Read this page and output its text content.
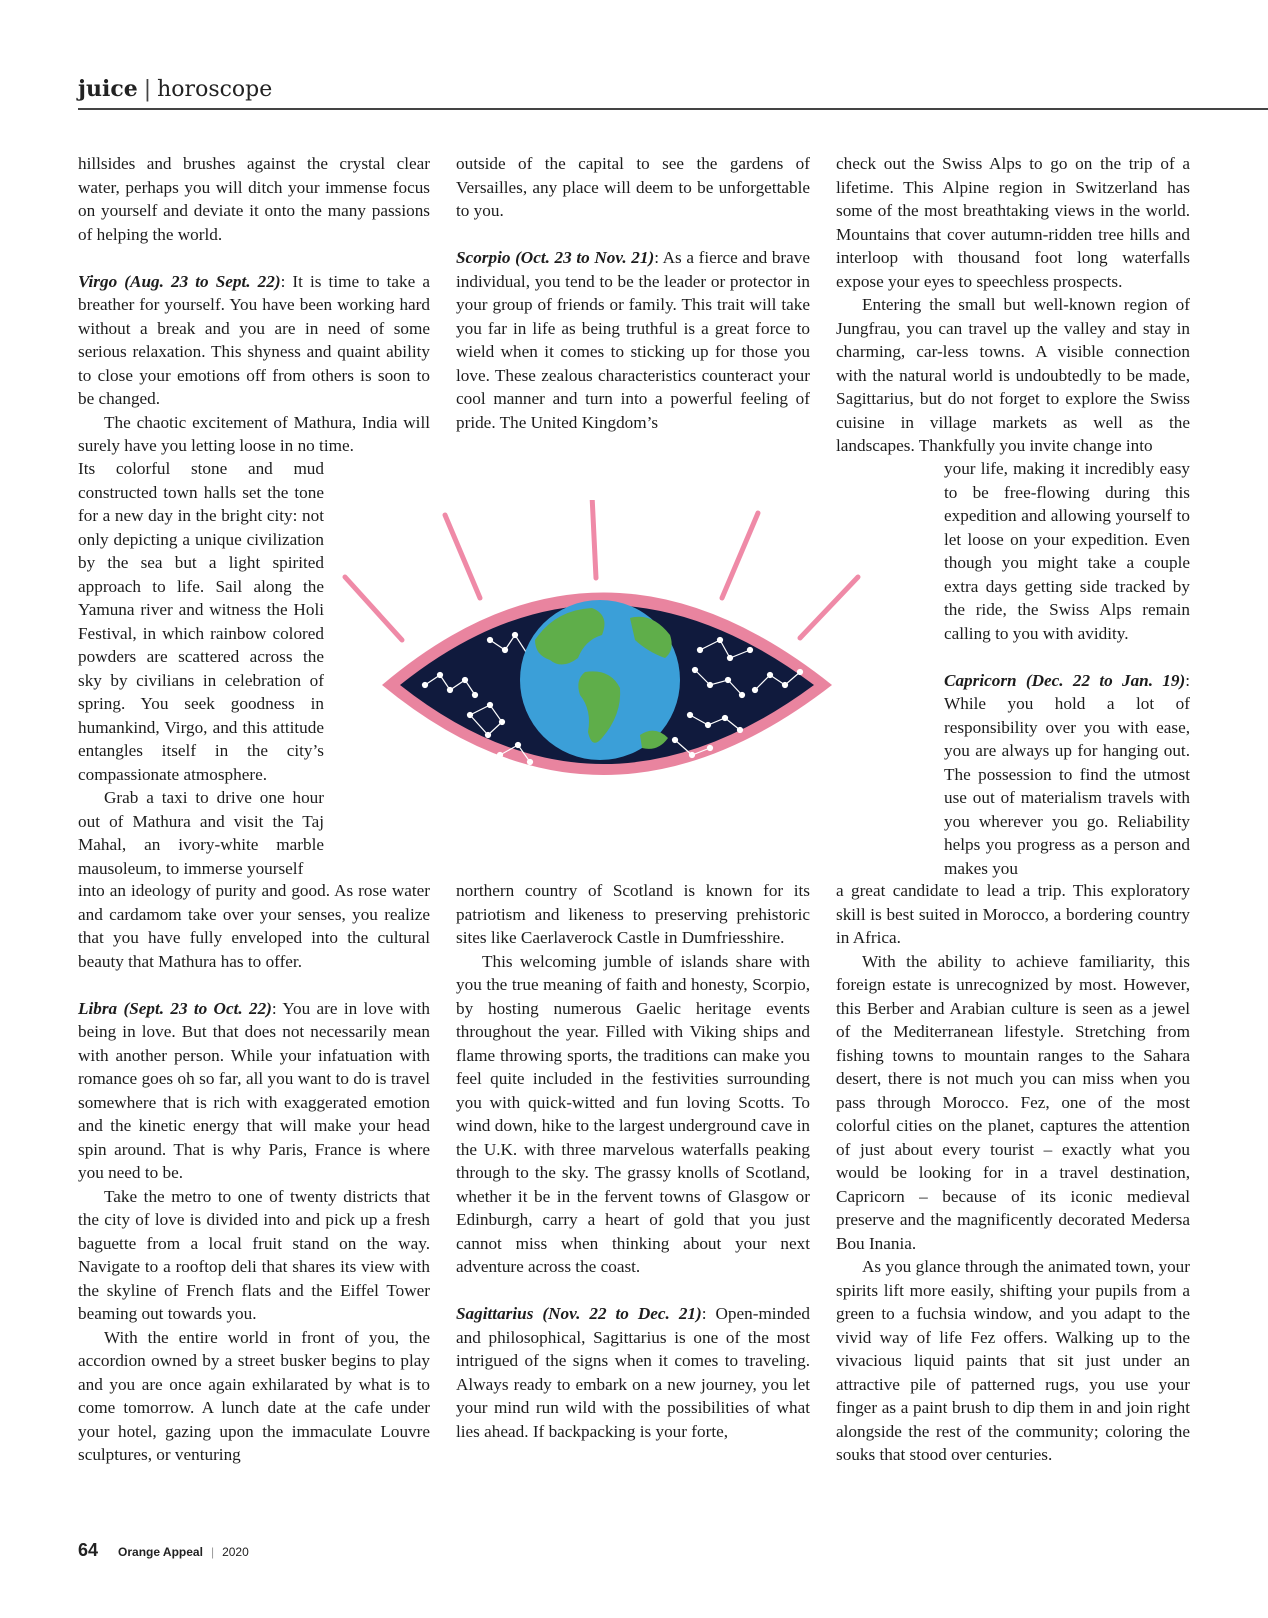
juice | horoscope

hillsides and brushes against the crystal clear water, perhaps you will ditch your immense focus on yourself and deviate it onto the many passions of helping the world.

Virgo (Aug. 23 to Sept. 22): It is time to take a breather for yourself. You have been working hard without a break and you are in need of some serious relaxation. This shyness and quaint ability to close your emotions off from others is soon to be changed.

The chaotic excitement of Mathura, India will surely have you letting loose in no time.

Its colorful stone and mud constructed town halls set the tone for a new day in the bright city: not only depicting a unique civilization by the sea but a light spirited approach to life. Sail along the Yamuna river and witness the Holi Festival, in which rainbow colored powders are scattered across the sky by civilians in celebration of spring. You seek goodness in humankind, Virgo, and this attitude entangles itself in the city’s compassionate atmosphere.

Grab a taxi to drive one hour out of Mathura and visit the Taj Mahal, an ivory-white marble mausoleum, to immerse yourself

into an ideology of purity and good. As rose water and cardamom take over your senses, you realize that you have fully enveloped into the cultural beauty that Mathura has to offer.

Libra (Sept. 23 to Oct. 22): You are in love with being in love. But that does not necessarily mean with another person. While your infatuation with romance goes oh so far, all you want to do is travel somewhere that is rich with exaggerated emotion and the kinetic energy that will make your head spin around. That is why Paris, France is where you need to be.

Take the metro to one of twenty districts that the city of love is divided into and pick up a fresh baguette from a local fruit stand on the way. Navigate to a rooftop deli that shares its view with the skyline of French flats and the Eiffel Tower beaming out towards you.

With the entire world in front of you, the accordion owned by a street busker begins to play and you are once again exhilarated by what is to come tomorrow. A lunch date at the cafe under your hotel, gazing upon the immaculate Louvre sculptures, or venturing

outside of the capital to see the gardens of Versailles, any place will deem to be unforgettable to you.

Scorpio (Oct. 23 to Nov. 21): As a fierce and brave individual, you tend to be the leader or protector in your group of friends or family. This trait will take you far in life as being truthful is a great force to wield when it comes to sticking up for those you love. These zealous characteristics counteract your cool manner and turn into a powerful feeling of pride. The United Kingdom’s

northern country of Scotland is known for its patriotism and likeness to preserving prehistoric sites like Caerlaverock Castle in Dumfriesshire.

This welcoming jumble of islands share with you the true meaning of faith and honesty, Scorpio, by hosting numerous Gaelic heritage events throughout the year. Filled with Viking ships and flame throwing sports, the traditions can make you feel quite included in the festivities surrounding you with quick-witted and fun loving Scotts. To wind down, hike to the largest underground cave in the U.K. with three marvelous waterfalls peaking through to the sky. The grassy knolls of Scotland, whether it be in the fervent towns of Glasgow or Edinburgh, carry a heart of gold that you just cannot miss when thinking about your next adventure across the coast.

Sagittarius (Nov. 22 to Dec. 21): Open-minded and philosophical, Sagittarius is one of the most intrigued of the signs when it comes to traveling. Always ready to embark on a new journey, you let your mind run wild with the possibilities of what lies ahead. If backpacking is your forte,

check out the Swiss Alps to go on the trip of a lifetime. This Alpine region in Switzerland has some of the most breathtaking views in the world. Mountains that cover autumn-ridden tree hills and interloop with thousand foot long waterfalls expose your eyes to speechless prospects.

Entering the small but well-known region of Jungfrau, you can travel up the valley and stay in charming, car-less towns. A visible connection with the natural world is undoubtedly to be made, Sagittarius, but do not forget to explore the Swiss cuisine in village markets as well as the landscapes. Thankfully you invite change into

your life, making it incredibly easy to be free-flowing during this expedition and allowing yourself to let loose on your expedition. Even though you might take a couple extra days getting side tracked by the ride, the Swiss Alps remain calling to you with avidity.

Capricorn (Dec. 22 to Jan. 19): While you hold a lot of responsibility over you with ease, you are always up for hanging out. The possession to find the utmost use out of materialism travels with you wherever you go. Reliability helps you progress as a person and makes you

a great candidate to lead a trip. This exploratory skill is best suited in Morocco, a bordering country in Africa.

With the ability to achieve familiarity, this foreign estate is unrecognized by most. However, this Berber and Arabian culture is seen as a jewel of the Mediterranean lifestyle. Stretching from fishing towns to mountain ranges to the Sahara desert, there is not much you can miss when you pass through Morocco. Fez, one of the most colorful cities on the planet, captures the attention of just about every tourist – exactly what you would be looking for in a travel destination, Capricorn – because of its iconic medieval preserve and the magnificently decorated Medersa Bou Inania.

As you glance through the animated town, your spirits lift more easily, shifting your pupils from a green to a fuchsia window, and you adapt to the vivid way of life Fez offers. Walking up to the vivacious liquid paints that sit just under an attractive pile of patterned rugs, you use your finger as a paint brush to dip them in and join right alongside the rest of the community; coloring the souks that stood over centuries.

64 Orange Appeal | 2020
